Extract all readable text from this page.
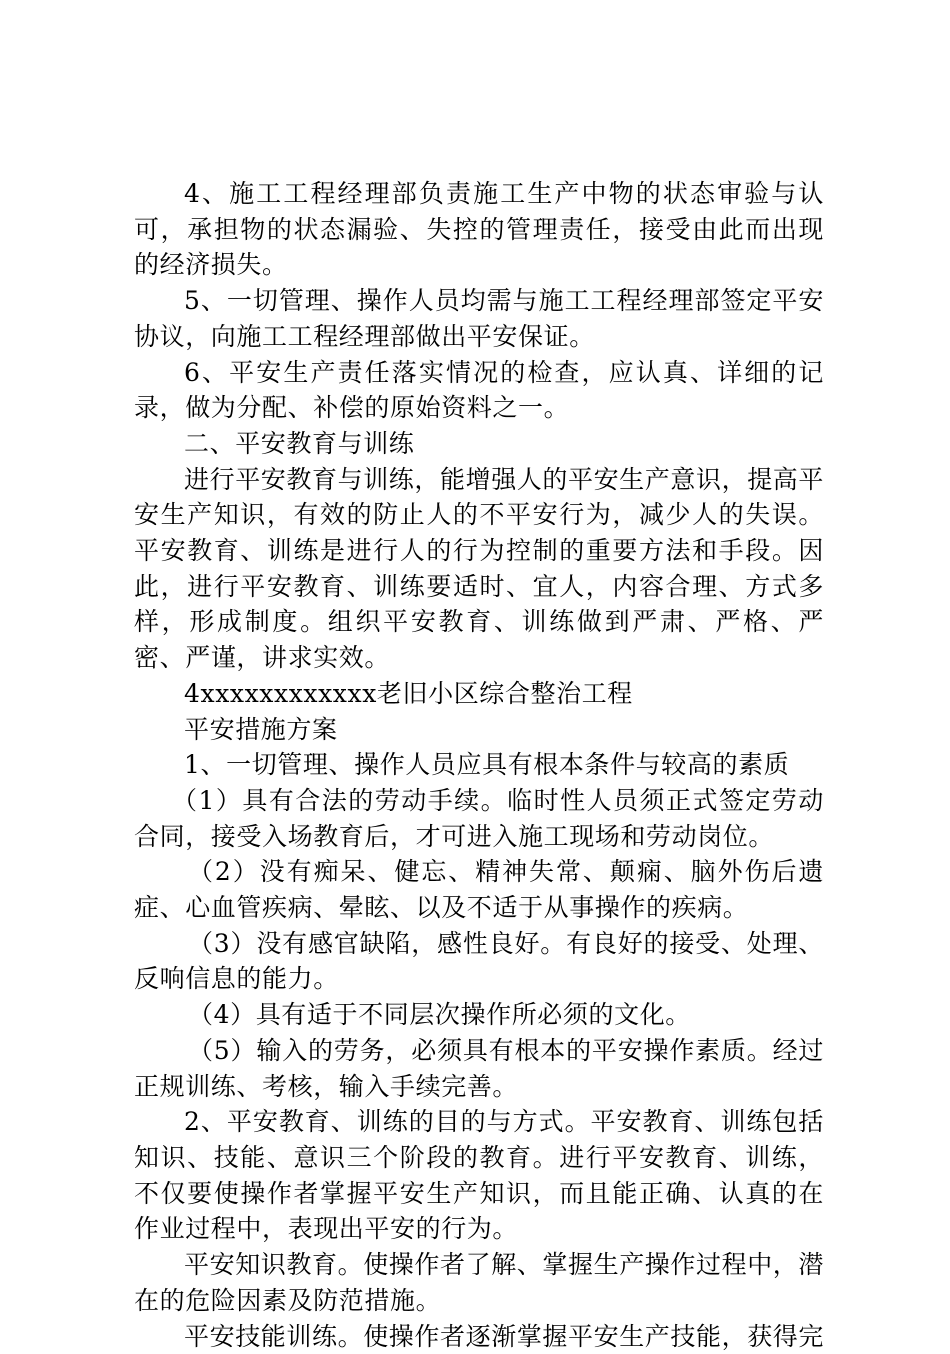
4、施工工程经理部负责施工生产中物的状态审验与认可，承担物的状态漏验、失控的管理责任，接受由此而出现的经济损失。

5、一切管理、操作人员均需与施工工程经理部签定平安协议，向施工工程经理部做出平安保证。

6、平安生产责任落实情况的检查，应认真、详细的记录，做为分配、补偿的原始资料之一。

二、平安教育与训练

进行平安教育与训练，能增强人的平安生产意识，提高平安生产知识，有效的防止人的不平安行为，减少人的失误。平安教育、训练是进行人的行为控制的重要方法和手段。因此，进行平安教育、训练要适时、宜人，内容合理、方式多样，形成制度。组织平安教育、训练做到严肃、严格、严密、严谨，讲求实效。

4xxxxxxxxxxxx老旧小区综合整治工程

平安措施方案

1、一切管理、操作人员应具有根本条件与较高的素质

（1）具有合法的劳动手续。临时性人员须正式签定劳动合同，接受入场教育后，才可进入施工现场和劳动岗位。

（2）没有痴呆、健忘、精神失常、颠痫、脑外伤后遗症、心血管疾病、晕眩、以及不适于从事操作的疾病。

（3）没有感官缺陷，感性良好。有良好的接受、处理、反响信息的能力。

（4）具有适于不同层次操作所必须的文化。

（5）输入的劳务，必须具有根本的平安操作素质。经过正规训练、考核，输入手续完善。

2、平安教育、训练的目的与方式。平安教育、训练包括知识、技能、意识三个阶段的教育。进行平安教育、训练，不仅要使操作者掌握平安生产知识，而且能正确、认真的在作业过程中，表现出平安的行为。

平安知识教育。使操作者了解、掌握生产操作过程中，潜在的危险因素及防范措施。

平安技能训练。使操作者逐渐掌握平安生产技能，获得完
